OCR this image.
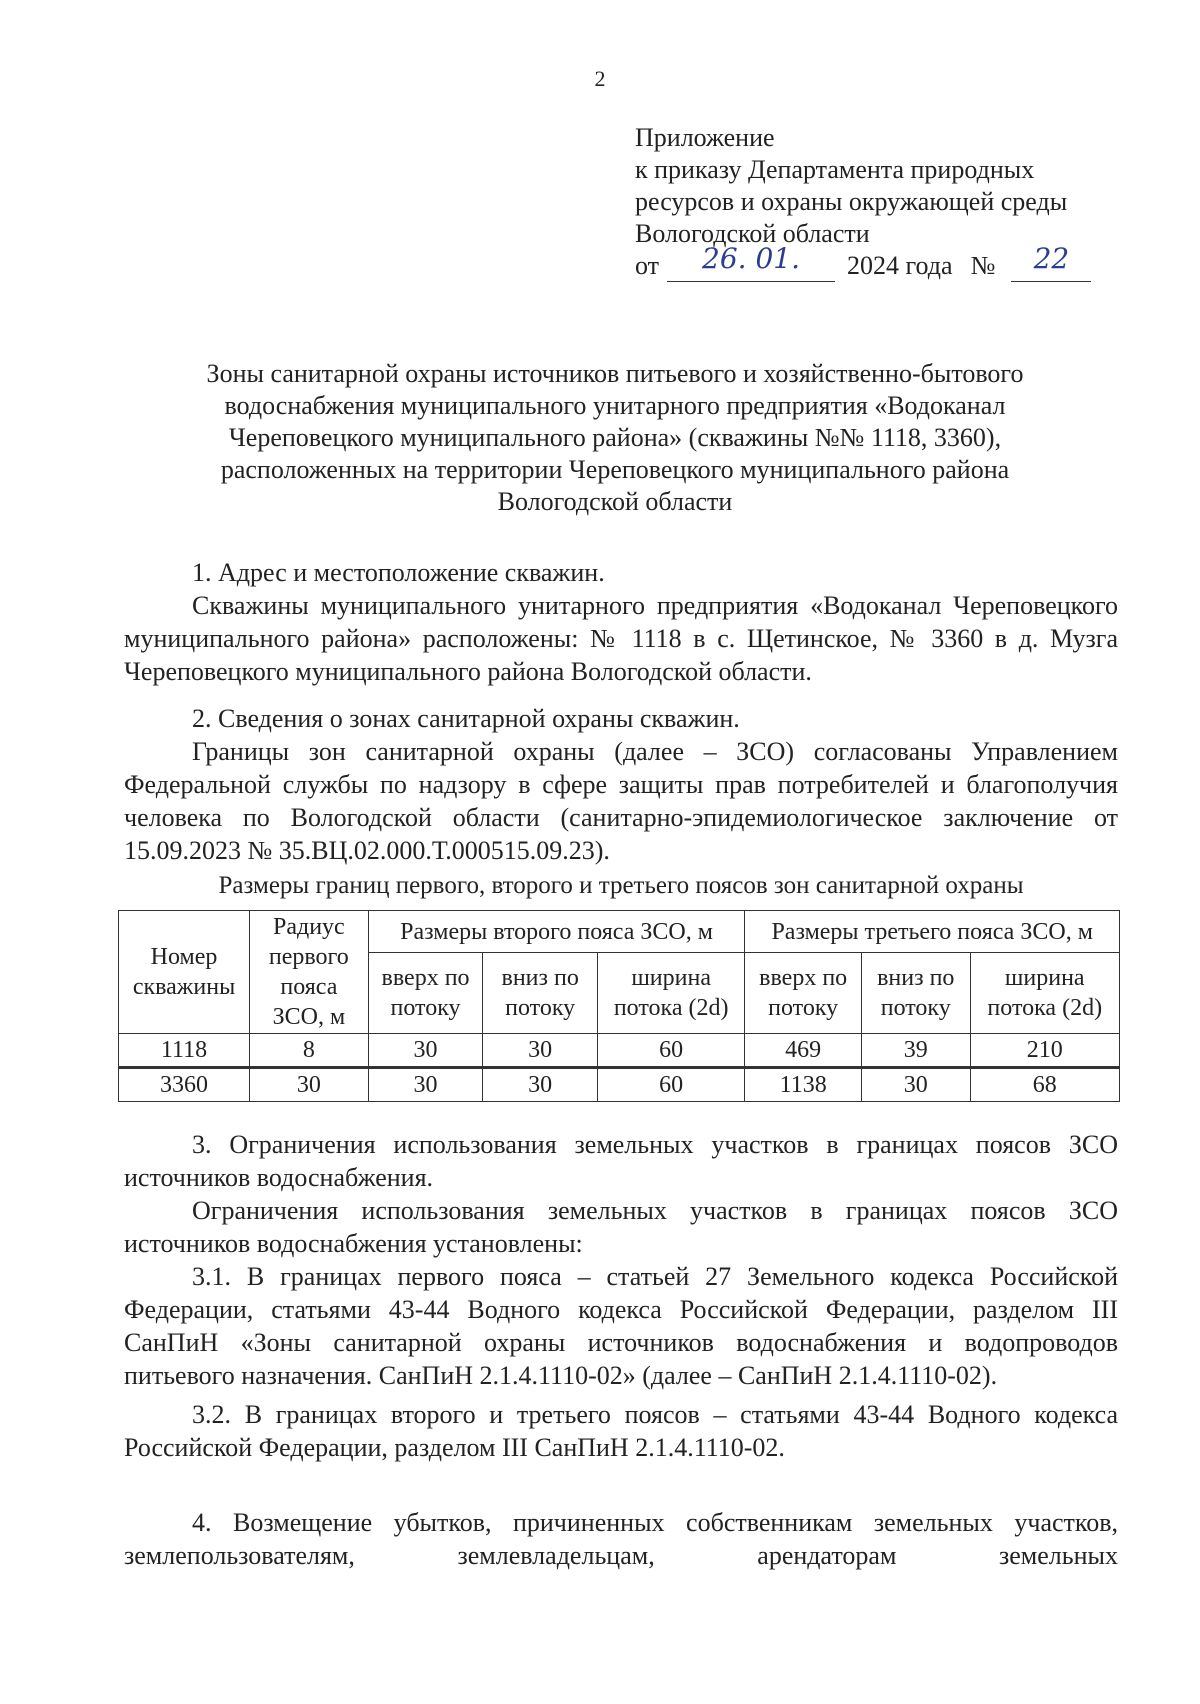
2
Приложение
к приказу Департамента природных
ресурсов и охраны окружающей среды
Вологодской области
от	26. 01.	2024 года №	22
Зоны санитарной охраны источников питьевого и хозяйственно-бытового
водоснабжения муниципального унитарного предприятия «Водоканал
Череповецкого муниципального района» (скважины №№ 1118, 3360),
расположенных на территории Череповецкого муниципального района
Вологодской области

1. Адрес и местоположение скважин.

Скважины муниципального унитарного предприятия «Водоканал Череповецкого муниципального района» расположены: № 1118 в с. Щетинское, № 3360 в д. Музга Череповецкого муниципального района Вологодской области.

2. Сведения о зонах санитарной охраны скважин.

Границы зон санитарной охраны (далее – ЗСО) согласованы Управлением Федеральной службы по надзору в сфере защиты прав потребителей и благополучия человека по Вологодской области (санитарно-эпидемиологическое заключение от 15.09.2023 № 35.ВЦ.02.000.Т.000515.09.23).

Размеры границ первого, второго и третьего поясов зон санитарной охраны
Номер скважины	Радиус первого пояса ЗСО, м	Размеры второго пояса ЗСО, м			Размеры третьего пояса ЗСО, м		
		вверх по потоку	вниз по потоку	ширина потока (2d)	вверх по потоку	вниз по потоку	ширина потока (2d)
1118	8	30	30	60	469	39	210
3360	30	30	30	60	1138	30	68

3. Ограничения использования земельных участков в границах поясов ЗСО источников водоснабжения.

Ограничения использования земельных участков в границах поясов ЗСО источников водоснабжения установлены:

3.1. В границах первого пояса – статьей 27 Земельного кодекса Российской Федерации, статьями 43-44 Водного кодекса Российской Федерации, разделом III СанПиН «Зоны санитарной охраны источников водоснабжения и водопроводов питьевого назначения. СанПиН 2.1.4.1110-02» (далее – СанПиН 2.1.4.1110-02).

3.2. В границах второго и третьего поясов – статьями 43-44 Водного кодекса Российской Федерации, разделом III СанПиН 2.1.4.1110-02.

4. Возмещение убытков, причиненных собственникам земельных участков, землепользователям, землевладельцам, арендаторам земельных
